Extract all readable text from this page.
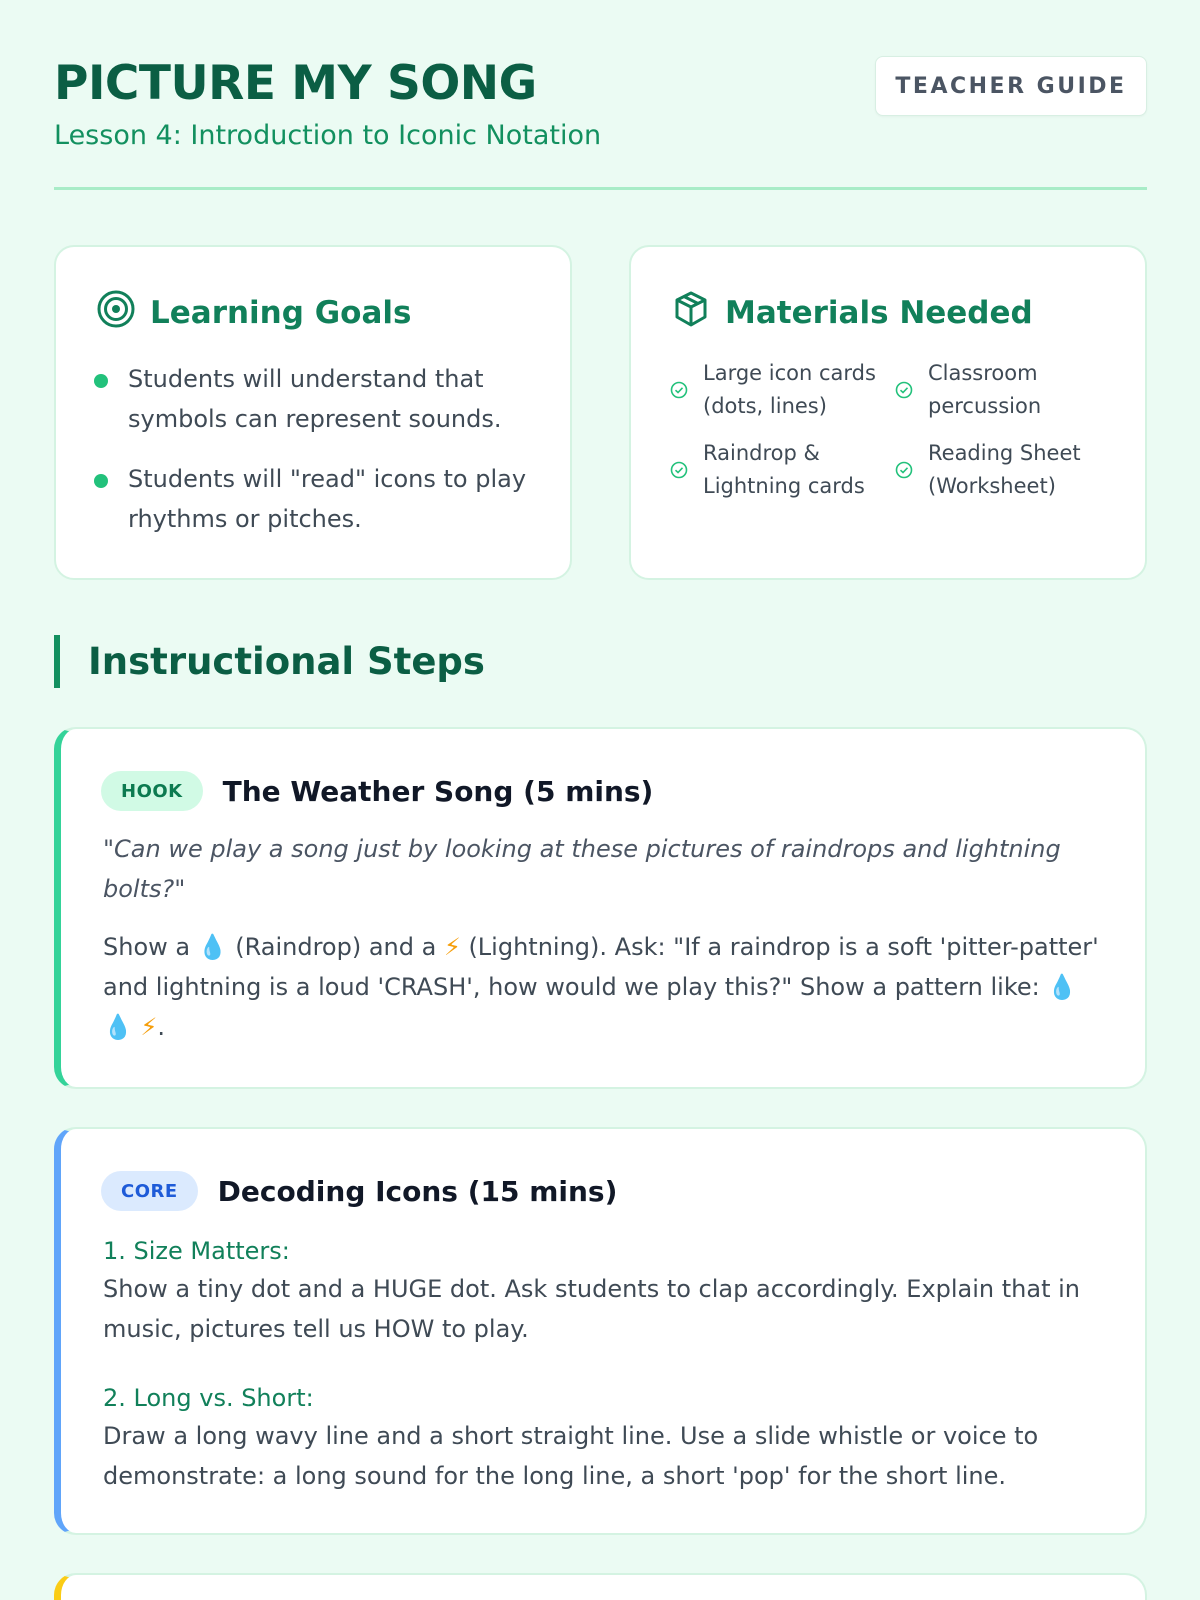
PICTURE MY SONG
Lesson 4: Introduction to Iconic Notation
TEACHER GUIDE
Learning Goals
Students will understand that symbols can represent sounds.
Students will "read" icons to play rhythms or pitches.
Materials Needed
Large icon cards (dots, lines)
Classroom percussion
Raindrop & Lightning cards
Reading Sheet (Worksheet)
Instructional Steps
HOOK	The Weather Song (5 mins)
"Can we play a song just by looking at these pictures of raindrops and lightning bolts?"
Show a 💧 (Raindrop) and a ⚡ (Lightning). Ask: "If a raindrop is a soft 'pitter-patter' and lightning is a loud 'CRASH', how would we play this?" Show a pattern like: 💧 💧 ⚡.
CORE	Decoding Icons (15 mins)
1. Size Matters:
Show a tiny dot and a HUGE dot. Ask students to clap accordingly. Explain that in music, pictures tell us HOW to play.
2. Long vs. Short:
Draw a long wavy line and a short straight line. Use a slide whistle or voice to demonstrate: a long sound for the long line, a short 'pop' for the short line.
